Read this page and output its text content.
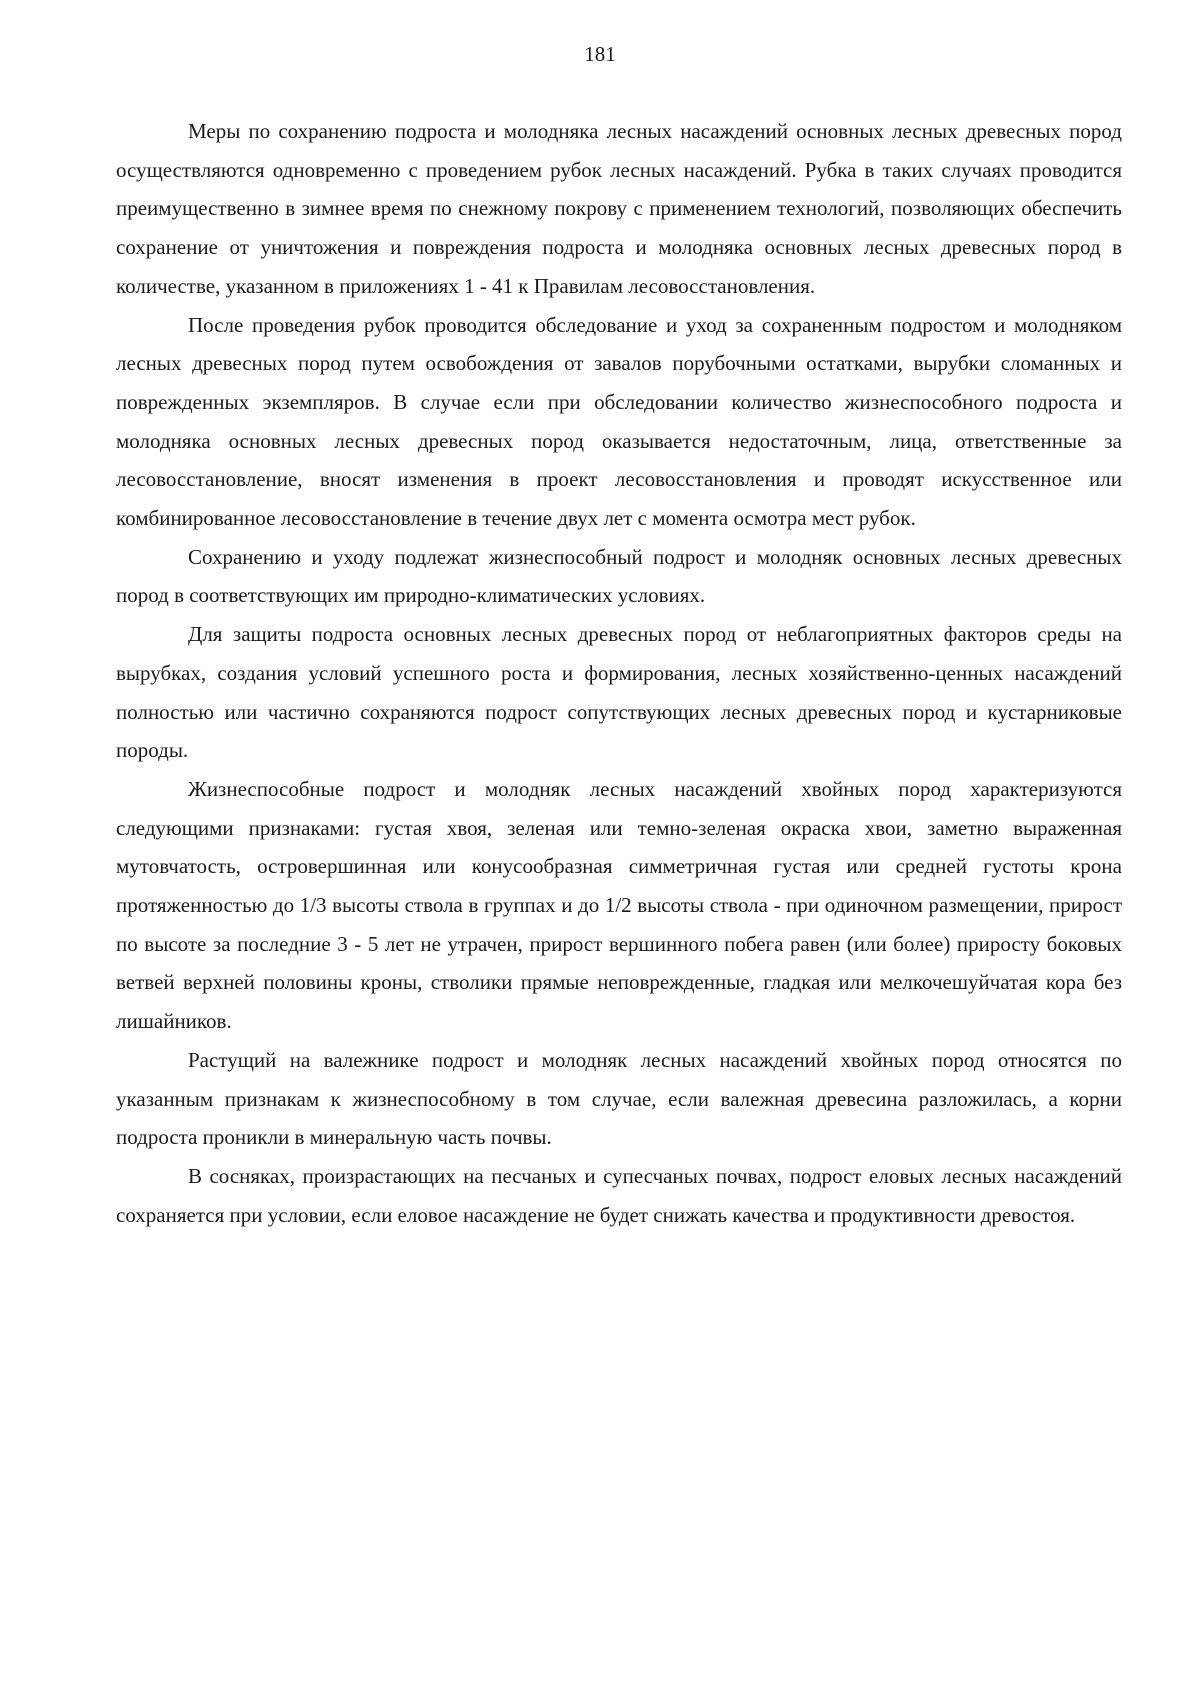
181

Меры по сохранению подроста и молодняка лесных насаждений основных лесных древесных пород осуществляются одновременно с проведением рубок лесных насаждений. Рубка в таких случаях проводится преимущественно в зимнее время по снежному покрову с применением технологий, позволяющих обеспечить сохранение от уничтожения и повреждения подроста и молодняка основных лесных древесных пород в количестве, указанном в приложениях 1 - 41 к Правилам лесовосстановления.

После проведения рубок проводится обследование и уход за сохраненным подростом и молодняком лесных древесных пород путем освобождения от завалов порубочными остатками, вырубки сломанных и поврежденных экземпляров. В случае если при обследовании количество жизнеспособного подроста и молодняка основных лесных древесных пород оказывается недостаточным, лица, ответственные за лесовосстановление, вносят изменения в проект лесовосстановления и проводят искусственное или комбинированное лесовосстановление в течение двух лет с момента осмотра мест рубок.

Сохранению и уходу подлежат жизнеспособный подрост и молодняк основных лесных древесных пород в соответствующих им природно-климатических условиях.

Для защиты подроста основных лесных древесных пород от неблагоприятных факторов среды на вырубках, создания условий успешного роста и формирования, лесных хозяйственно-ценных насаждений полностью или частично сохраняются подрост сопутствующих лесных древесных пород и кустарниковые породы.

Жизнеспособные подрост и молодняк лесных насаждений хвойных пород характеризуются следующими признаками: густая хвоя, зеленая или темно-зеленая окраска хвои, заметно выраженная мутовчатость, островершинная или конусообразная симметричная густая или средней густоты крона протяженностью до 1/3 высоты ствола в группах и до 1/2 высоты ствола - при одиночном размещении, прирост по высоте за последние 3 - 5 лет не утрачен, прирост вершинного побега равен (или более) приросту боковых ветвей верхней половины кроны, стволики прямые неповрежденные, гладкая или мелкочешуйчатая кора без лишайников.

Растущий на валежнике подрост и молодняк лесных насаждений хвойных пород относятся по указанным признакам к жизнеспособному в том случае, если валежная древесина разложилась, а корни подроста проникли в минеральную часть почвы.

В сосняках, произрастающих на песчаных и супесчаных почвах, подрост еловых лесных насаждений сохраняется при условии, если еловое насаждение не будет снижать качества и продуктивности древостоя.
